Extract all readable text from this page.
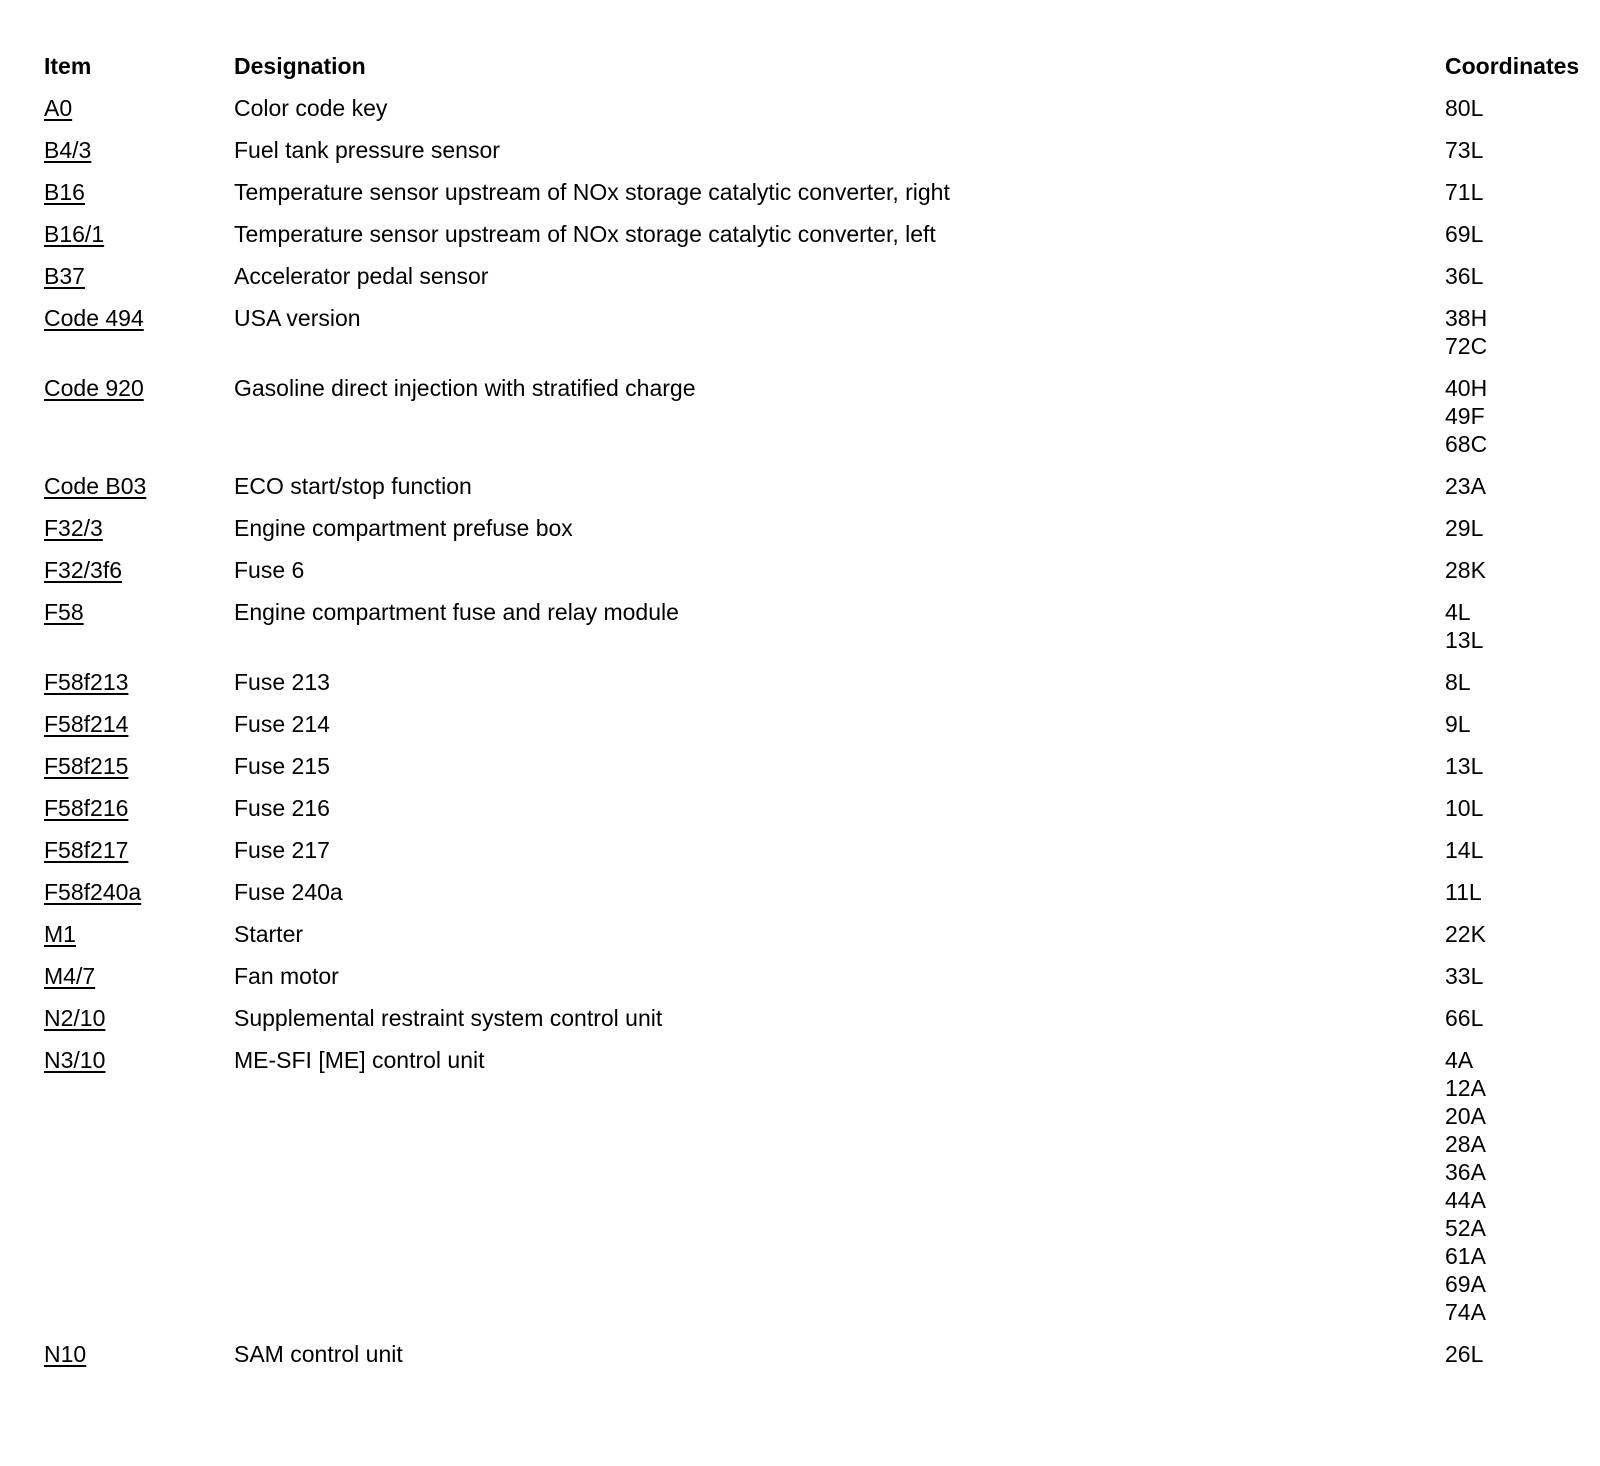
Item	Designation	Coordinates
A0	Color code key	80L
B4/3	Fuel tank pressure sensor	73L
B16	Temperature sensor upstream of NOx storage catalytic converter, right	71L
B16/1	Temperature sensor upstream of NOx storage catalytic converter, left	69L
B37	Accelerator pedal sensor	36L
Code 494	USA version	38H
72C
Code 920	Gasoline direct injection with stratified charge	40H
49F
68C
Code B03	ECO start/stop function	23A
F32/3	Engine compartment prefuse box	29L
F32/3f6	Fuse 6	28K
F58	Engine compartment fuse and relay module	4L
13L
F58f213	Fuse 213	8L
F58f214	Fuse 214	9L
F58f215	Fuse 215	13L
F58f216	Fuse 216	10L
F58f217	Fuse 217	14L
F58f240a	Fuse 240a	11L
M1	Starter	22K
M4/7	Fan motor	33L
N2/10	Supplemental restraint system control unit	66L
N3/10	ME-SFI [ME] control unit	4A
12A
20A
28A
36A
44A
52A
61A
69A
74A
N10	SAM control unit	26L
